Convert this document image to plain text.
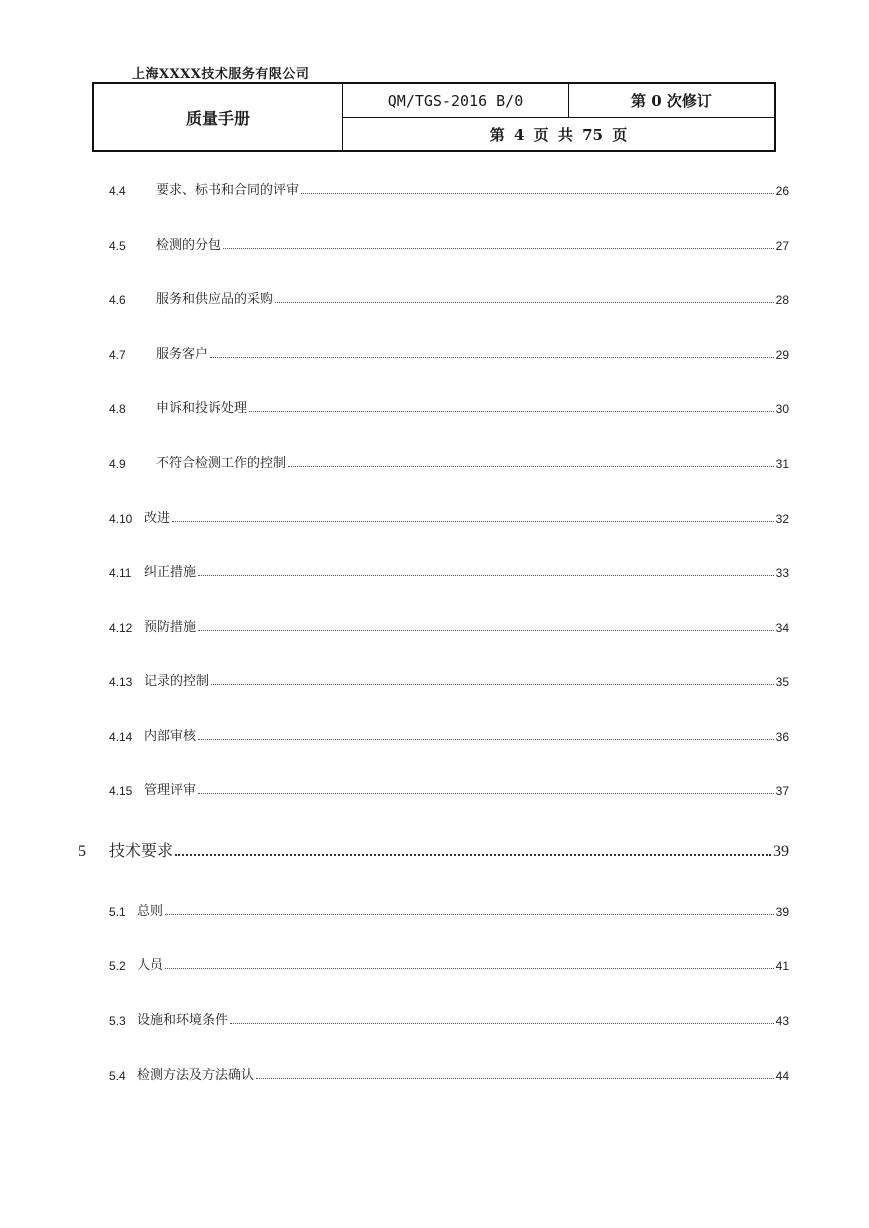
上海XXXX技术服务有限公司
质量手册
QM/TGS-2016 B/0	第 0 次修订
第 4 页 共 75 页
4.4	要求、标书和合同的评审	26
4.5	检测的分包	27
4.6	服务和供应品的采购	28
4.7	服务客户	29
4.8	申诉和投诉处理	30
4.9	不符合检测工作的控制	31
4.10 改进	32
4.11 纠正措施	33
4.12 预防措施	34
4.13 记录的控制	35
4.14 内部审核	36
4.15 管理评审	37
5	技术要求	39
5.1 总则	39
5.2 人员	41
5.3 设施和环境条件	43
5.4 检测方法及方法确认	44
